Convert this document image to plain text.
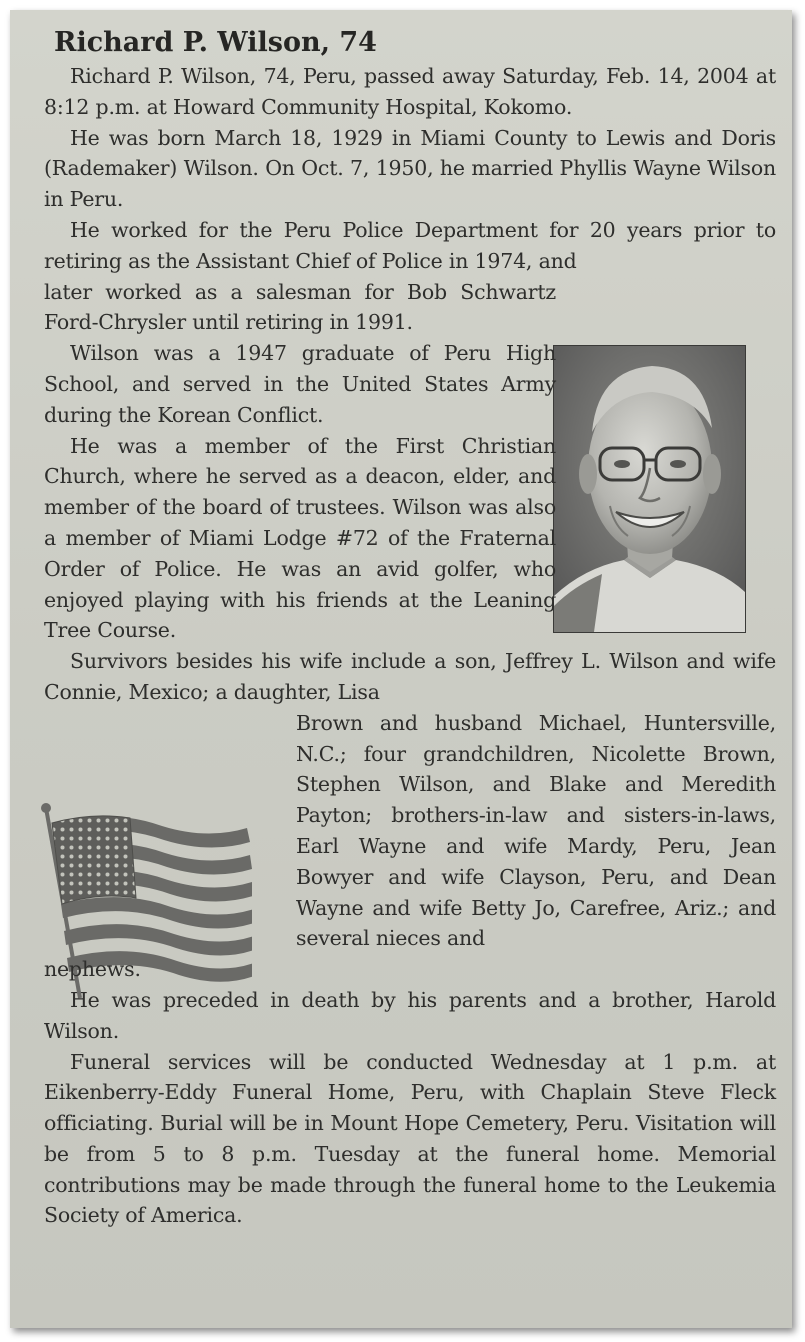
Richard P. Wilson, 74

Richard P. Wilson, 74, Peru, passed away Saturday, Feb. 14, 2004 at 8:12 p.m. at Howard Community Hospital, Kokomo.

He was born March 18, 1929 in Miami County to Lewis and Doris (Rademaker) Wilson. On Oct. 7, 1950, he married Phyllis Wayne Wilson in Peru.

He worked for the Peru Police Department for 20 years prior to retiring as the Assistant Chief of Police in 1974, and

later worked as a salesman for Bob Schwartz Ford-Chrysler until retiring in 1991.

Wilson was a 1947 graduate of Peru High School, and served in the United States Army during the Korean Conflict.

He was a member of the First Christian Church, where he served as a deacon, elder, and member of the board of trustees. Wilson was also a member of Miami Lodge #72 of the Fraternal Order of Police. He was an avid golfer, who enjoyed playing with his friends at the Leaning Tree Course.

Survivors besides his wife include a son, Jeffrey L. Wilson and wife Connie, Mexico; a daughter, Lisa

Brown and husband Michael, Huntersville, N.C.; four grandchildren, Nicolette Brown, Stephen Wilson, and Blake and Meredith Payton; brothers-in-law and sisters-in-laws, Earl Wayne and wife Mardy, Peru, Jean Bowyer and wife Clayson, Peru, and Dean Wayne and wife Betty Jo, Carefree, Ariz.; and several nieces and

nephews.

He was preceded in death by his parents and a brother, Harold Wilson.

Funeral services will be conducted Wednesday at 1 p.m. at Eikenberry-Eddy Funeral Home, Peru, with Chaplain Steve Fleck officiating. Burial will be in Mount Hope Cemetery, Peru. Visitation will be from 5 to 8 p.m. Tuesday at the funeral home. Memorial contributions may be made through the funeral home to the Leukemia Society of America.
